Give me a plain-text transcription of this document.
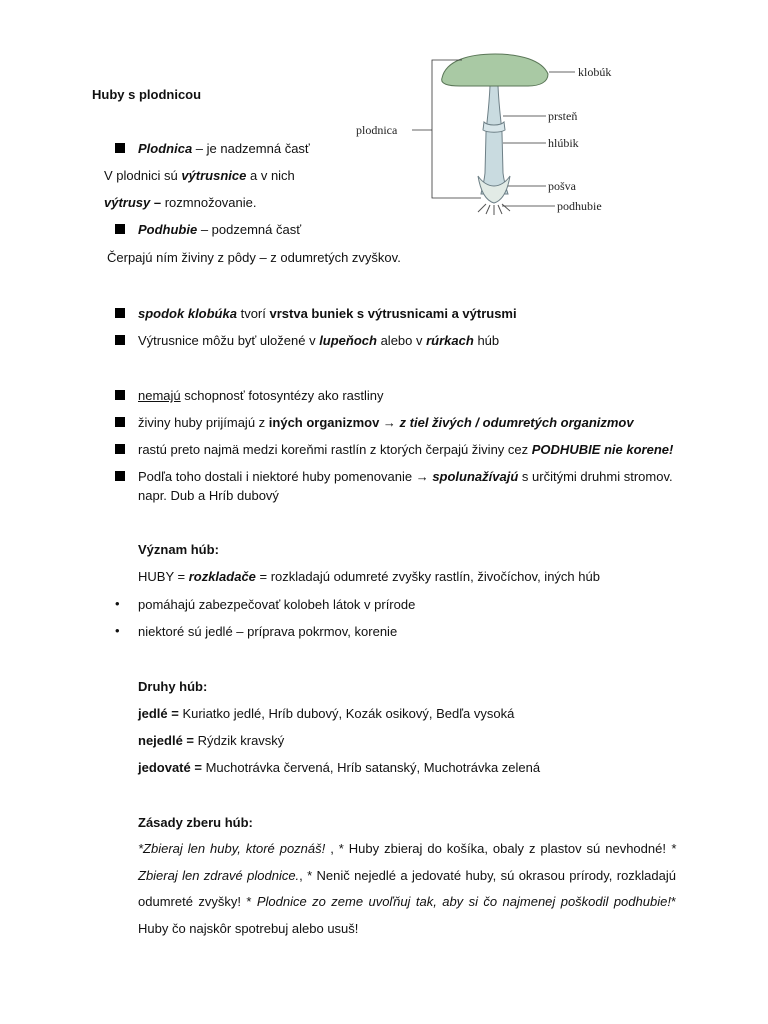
Huby s plodnicou
klobúk
prsteň
hlúbik
pošva
podhubie
plodnica
Plodnica – je nadzemná časť
V plodnici sú výtrusnice a v nich
výtrusy – rozmnožovanie.
Podhubie – podzemná časť
Čerpajú ním živiny z pôdy – z odumretých zvyškov.
spodok klobúka tvorí vrstva buniek s výtrusnicami a výtrusmi
Výtrusnice môžu byť uložené v lupeňoch alebo v rúrkach húb
nemajú schopnosť fotosyntézy ako rastliny
živiny huby prijímajú z iných organizmov → z tiel živých / odumretých organizmov
rastú preto najmä medzi koreňmi rastlín z ktorých čerpajú živiny cez PODHUBIE nie korene!
Podľa toho dostali i niektoré huby pomenovanie → spolunažívajú s určitými druhmi stromov.
napr. Dub a Hríb dubový
Význam húb:
HUBY = rozkladače = rozkladajú odumreté zvyšky rastlín, živočíchov, iných húb
• pomáhajú zabezpečovať kolobeh látok v prírode
• niektoré sú jedlé – príprava pokrmov, korenie
Druhy húb:
jedlé = Kuriatko jedlé, Hríb dubový, Kozák osikový, Bedľa vysoká
nejedlé = Rýdzik kravský
jedovaté = Muchotrávka červená, Hríb satanský, Muchotrávka zelená
Zásady zberu húb:
*Zbieraj len huby, ktoré poznáš! , * Huby zbieraj do košíka, obaly z plastov sú nevhodné! * Zbieraj len zdravé plodnice., * Nenič nejedlé a jedovaté huby, sú okrasou prírody, rozkladajú odumreté zvyšky! * Plodnice zo zeme uvoľňuj tak, aby si čo najmenej poškodil podhubie!* Huby čo najskôr spotrebuj alebo usuš!
